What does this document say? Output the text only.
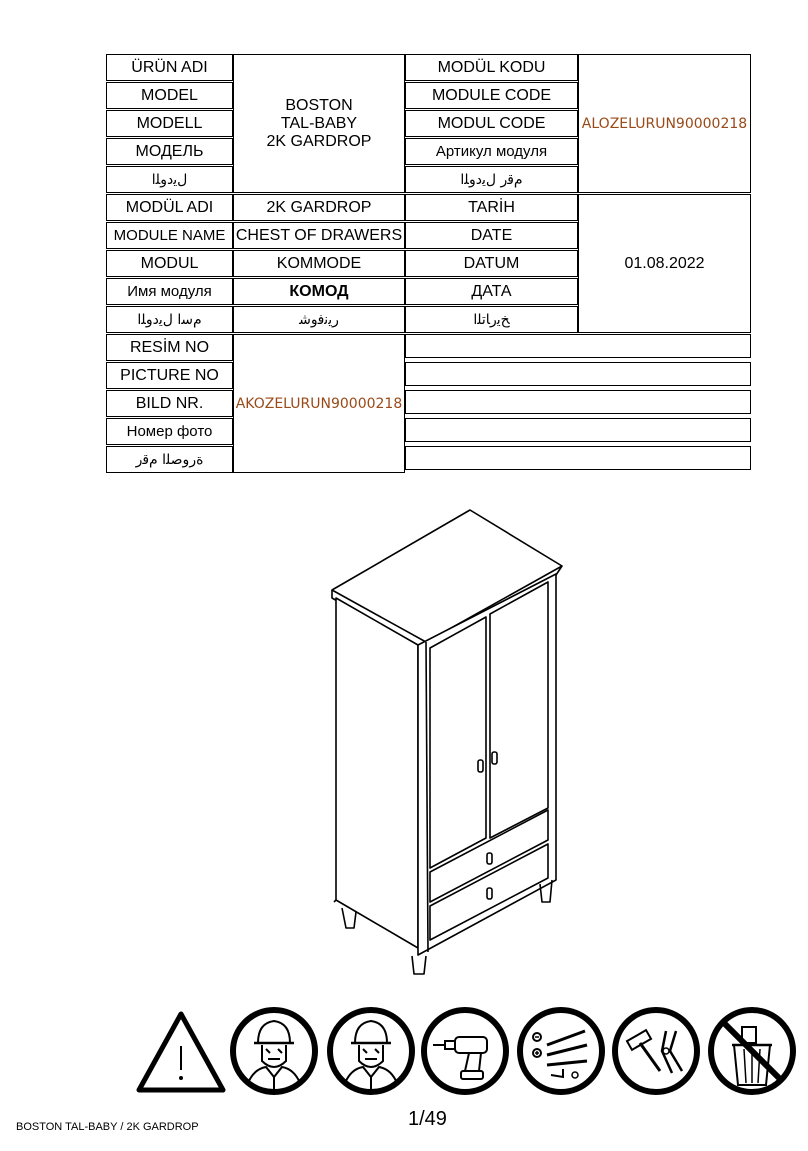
ÜRÜN ADI
MODEL
MODELL
МОДЕЛЬ
ﻝﻳﺩﻭﻠﺍ
BOSTON
TAL-BABY
2K GARDROP
MODÜL KODU
MODULE CODE
MODUL CODE
Артикул модуля
ﻡﻗﺭ ﻝﻳﺩﻭﻠﺍ
ALOZELURUN90000218
MODÜL ADI
MODULE NAME
MODUL
Имя модуля
ﻡﺳﺍ ﻝﻳﺩﻭﻠﺍ
2K GARDROP
CHEST OF DRAWERS
KOMMODE
КОМОД
ﺭﻳﻧﻓﻭﺷ
TARİH
DATE
DATUM
ДАТА
ﺦﻳﺭﺎﺗﻠﺍ
01.08.2022
RESİM NO
PICTURE NO
BILD NR.
Номер фото
ﺓﺭﻭﺻﻠﺍ ﻡﻗﺭ
AKOZELURUN90000218
BOSTON TAL-BABY / 2K GARDROP	1/49
